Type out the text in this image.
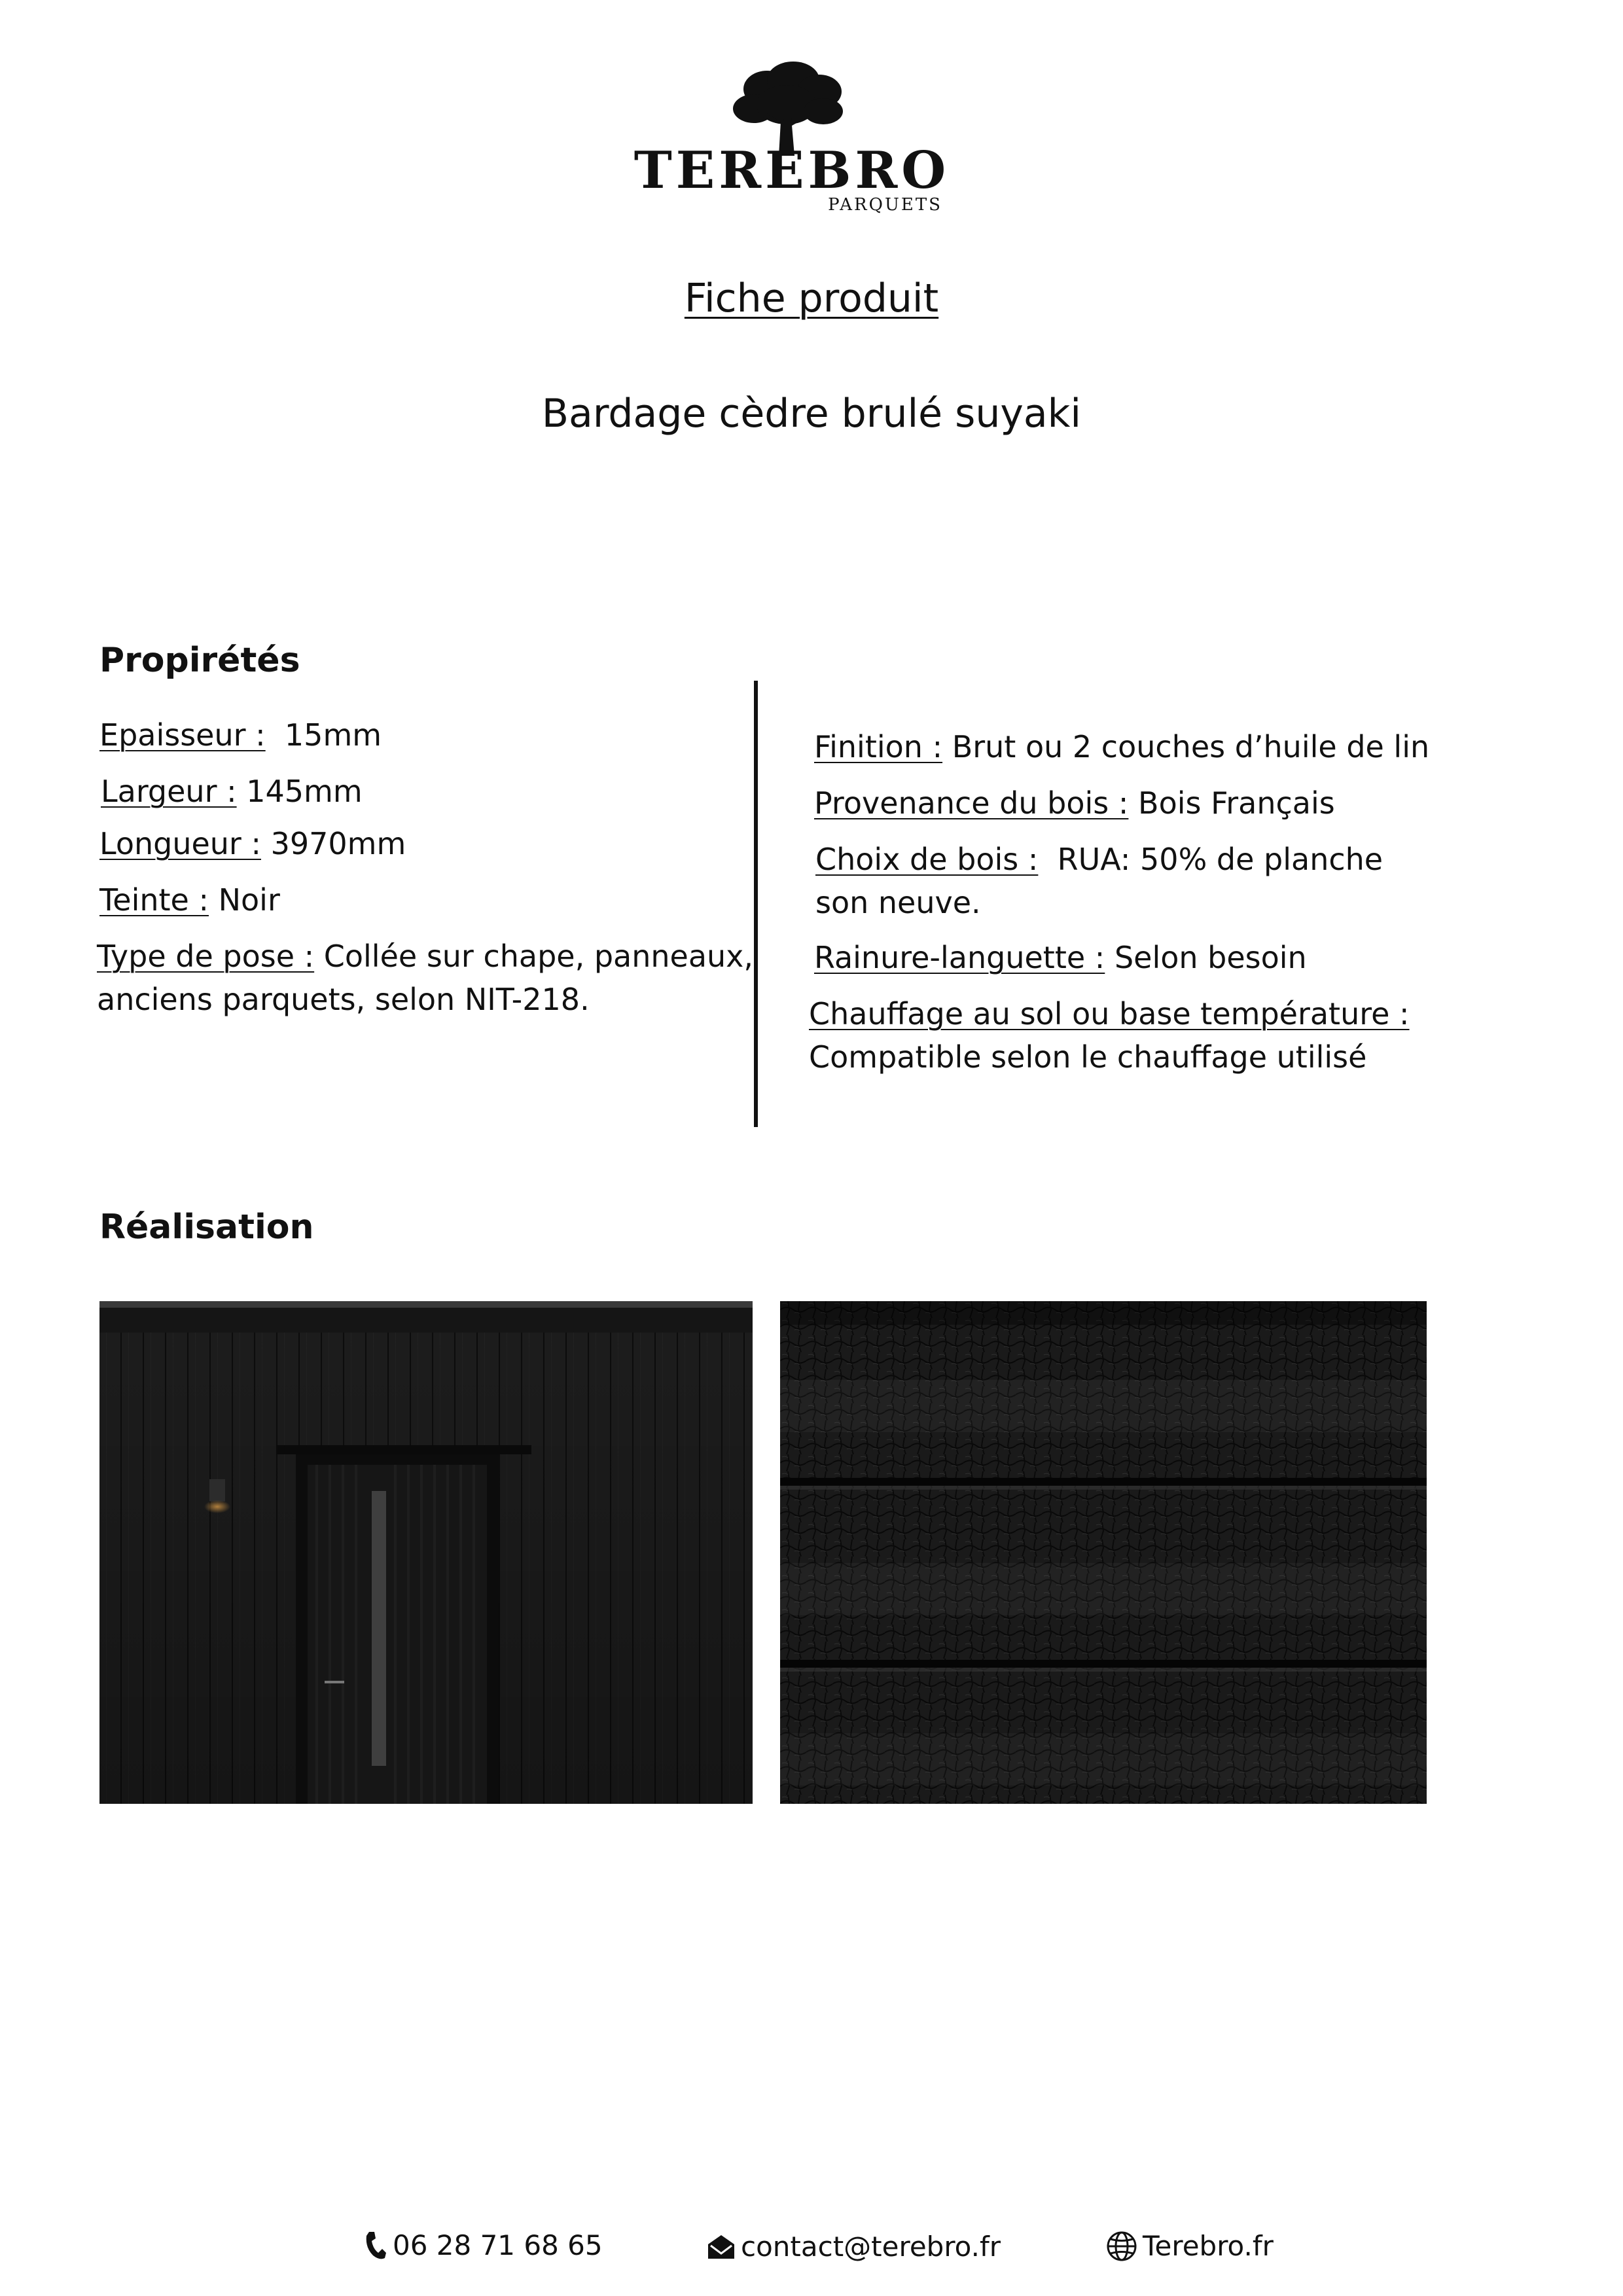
TEREBRO
PARQUETS
Fiche produit
Bardage cèdre brulé suyaki
Propirétés
Epaisseur : 15mm
Largeur : 145mm
Longueur : 3970mm
Teinte : Noir
Type de pose : Collée sur chape, panneaux,
anciens parquets, selon NIT-218.
Finition : Brut ou 2 couches d’huile de lin
Provenance du bois : Bois Français
Choix de bois : RUA: 50% de planche
son neuve.
Rainure-languette : Selon besoin
Chauffage au sol ou base température :
Compatible selon le chauffage utilisé
Réalisation
06 28 71 68 65	contact@terebro.fr	Terebro.fr
